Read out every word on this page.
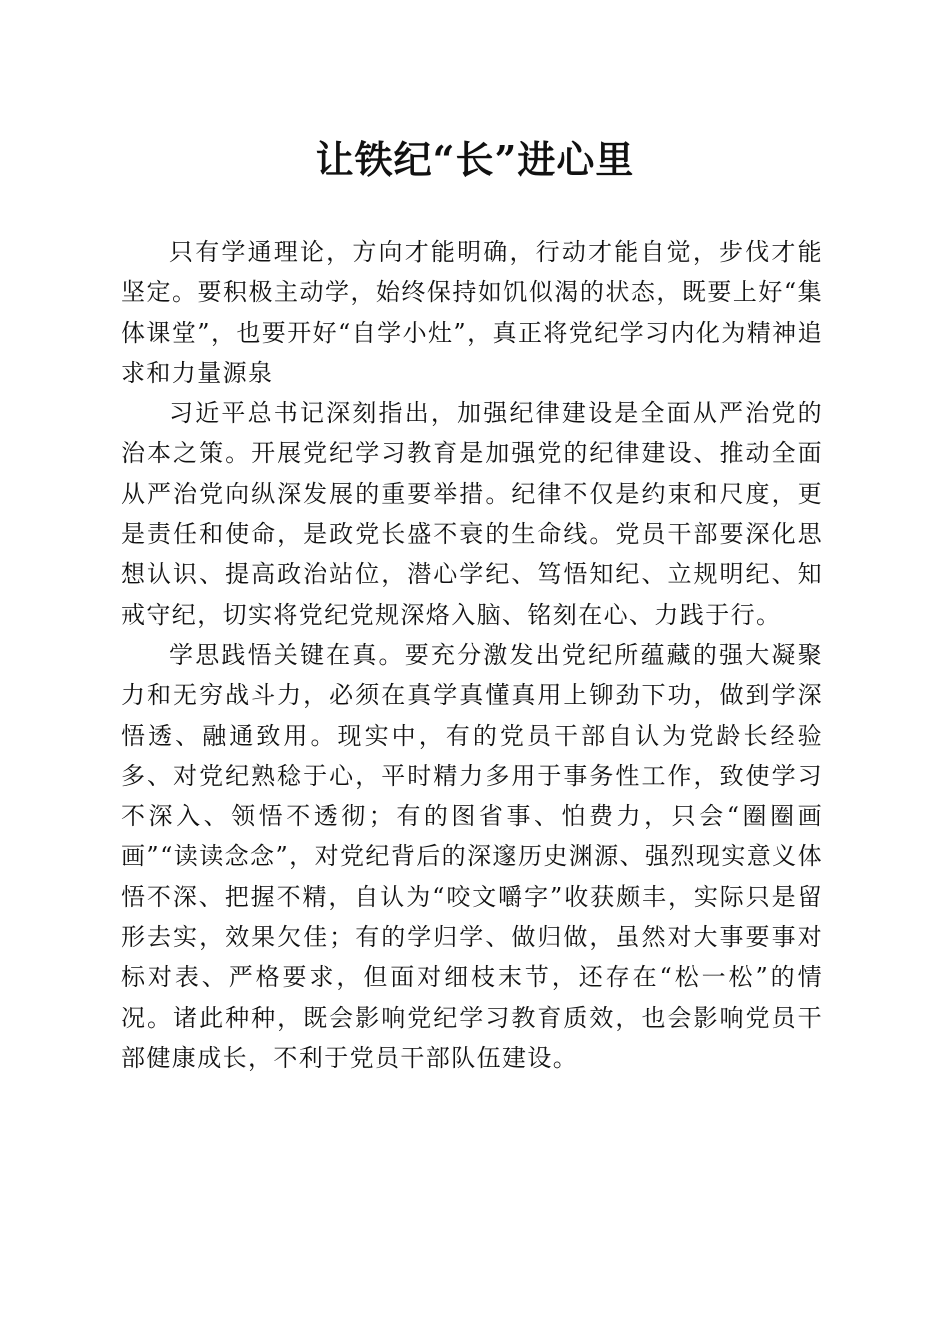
让铁纪“长”进心里

只有学通理论，方向才能明确，行动才能自觉，步伐才能坚定。要积极主动学，始终保持如饥似渴的状态，既要上好“集体课堂”，也要开好“自学小灶”，真正将党纪学习内化为精神追求和力量源泉

习近平总书记深刻指出，加强纪律建设是全面从严治党的治本之策。开展党纪学习教育是加强党的纪律建设、推动全面从严治党向纵深发展的重要举措。纪律不仅是约束和尺度，更是责任和使命，是政党长盛不衰的生命线。党员干部要深化思想认识、提高政治站位，潜心学纪、笃悟知纪、立规明纪、知戒守纪，切实将党纪党规深烙入脑、铭刻在心、力践于行。

学思践悟关键在真。要充分激发出党纪所蕴藏的强大凝聚力和无穷战斗力，必须在真学真懂真用上铆劲下功，做到学深悟透、融通致用。现实中，有的党员干部自认为党龄长经验多、对党纪熟稔于心，平时精力多用于事务性工作，致使学习不深入、领悟不透彻；有的图省事、怕费力，只会“圈圈画画”“读读念念”，对党纪背后的深邃历史渊源、强烈现实意义体悟不深、把握不精，自认为“咬文嚼字”收获颇丰，实际只是留形去实，效果欠佳；有的学归学、做归做，虽然对大事要事对标对表、严格要求，但面对细枝末节，还存在“松一松”的情况。诸此种种，既会影响党纪学习教育质效，也会影响党员干部健康成长，不利于党员干部队伍建设。
